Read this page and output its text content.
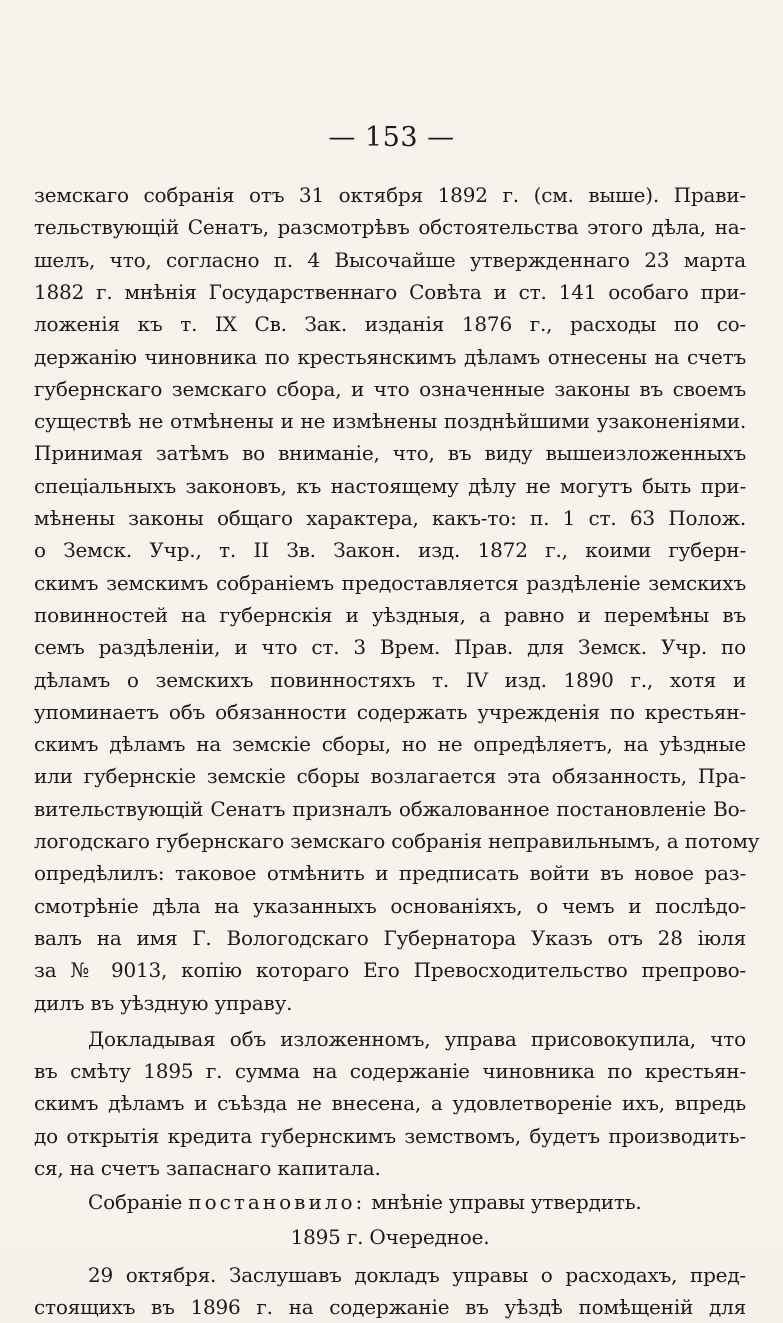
— 153 —
земскаго собранія отъ 31 октября 1892 г. (см. выше). Прави-
тельствующій Сенатъ, разсмотрѣвъ обстоятельства этого дѣла, на-
шелъ, что, согласно п. 4 Высочайше утвержденнаго 23 марта
1882 г. мнѣнія Государственнаго Совѣта и ст. 141 особаго при-
ложенія къ т. IX Св. Зак. изданія 1876 г., расходы по со-
держанію чиновника по крестьянскимъ дѣламъ отнесены на счетъ
губернскаго земскаго сбора, и что означенные законы въ своемъ
существѣ не отмѣнены и не измѣнены позднѣйшими узаконеніями.
Принимая затѣмъ во вниманіе, что, въ виду вышеизложенныхъ
спеціальныхъ законовъ, къ настоящему дѣлу не могутъ быть при-
мѣнены законы общаго характера, какъ-то: п. 1 ст. 63 Полож.
о Земск. Учр., т. II Зв. Закон. изд. 1872 г., коими губерн-
скимъ земскимъ собраніемъ предоставляется раздѣленіе земскихъ
повинностей на губернскія и уѣздныя, а равно и перемѣны въ
семъ раздѣленіи, и что ст. 3 Врем. Прав. для Земск. Учр. по
дѣламъ о земскихъ повинностяхъ т. IV изд. 1890 г., хотя и
упоминаетъ объ обязанности содержать учрежденія по крестьян-
скимъ дѣламъ на земскіе сборы, но не опредѣляетъ, на уѣздные
или губернскіе земскіе сборы возлагается эта обязанность, Пра-
вительствующій Сенатъ призналъ обжалованное постановленіе Во-
логодскаго губернскаго земскаго собранія неправильнымъ, а потому
опредѣлилъ: таковое отмѣнить и предписать войти въ новое раз-
смотрѣніе дѣла на указанныхъ основаніяхъ, о чемъ и послѣдо-
валъ на имя Г. Вологодскаго Губернатора Указъ отъ 28 іюля
за № 9013, копію котораго Его Превосходительство препрово-
дилъ въ уѣздную управу.
Докладывая объ изложенномъ, управа присовокупила, что
въ смѣту 1895 г. сумма на содержаніе чиновника по крестьян-
скимъ дѣламъ и съѣзда не внесена, а удовлетвореніе ихъ, впредь
до открытія кредита губернскимъ земствомъ, будетъ производить-
ся, на счетъ запаснаго капитала.
Собраніе постановило: мнѣніе управы утвердить.
1895 г. Очередное.
29 октября. Заслушавъ докладъ управы о расходахъ, пред-
стоящихъ въ 1896 г. на содержаніе въ уѣздѣ помѣщеній для
